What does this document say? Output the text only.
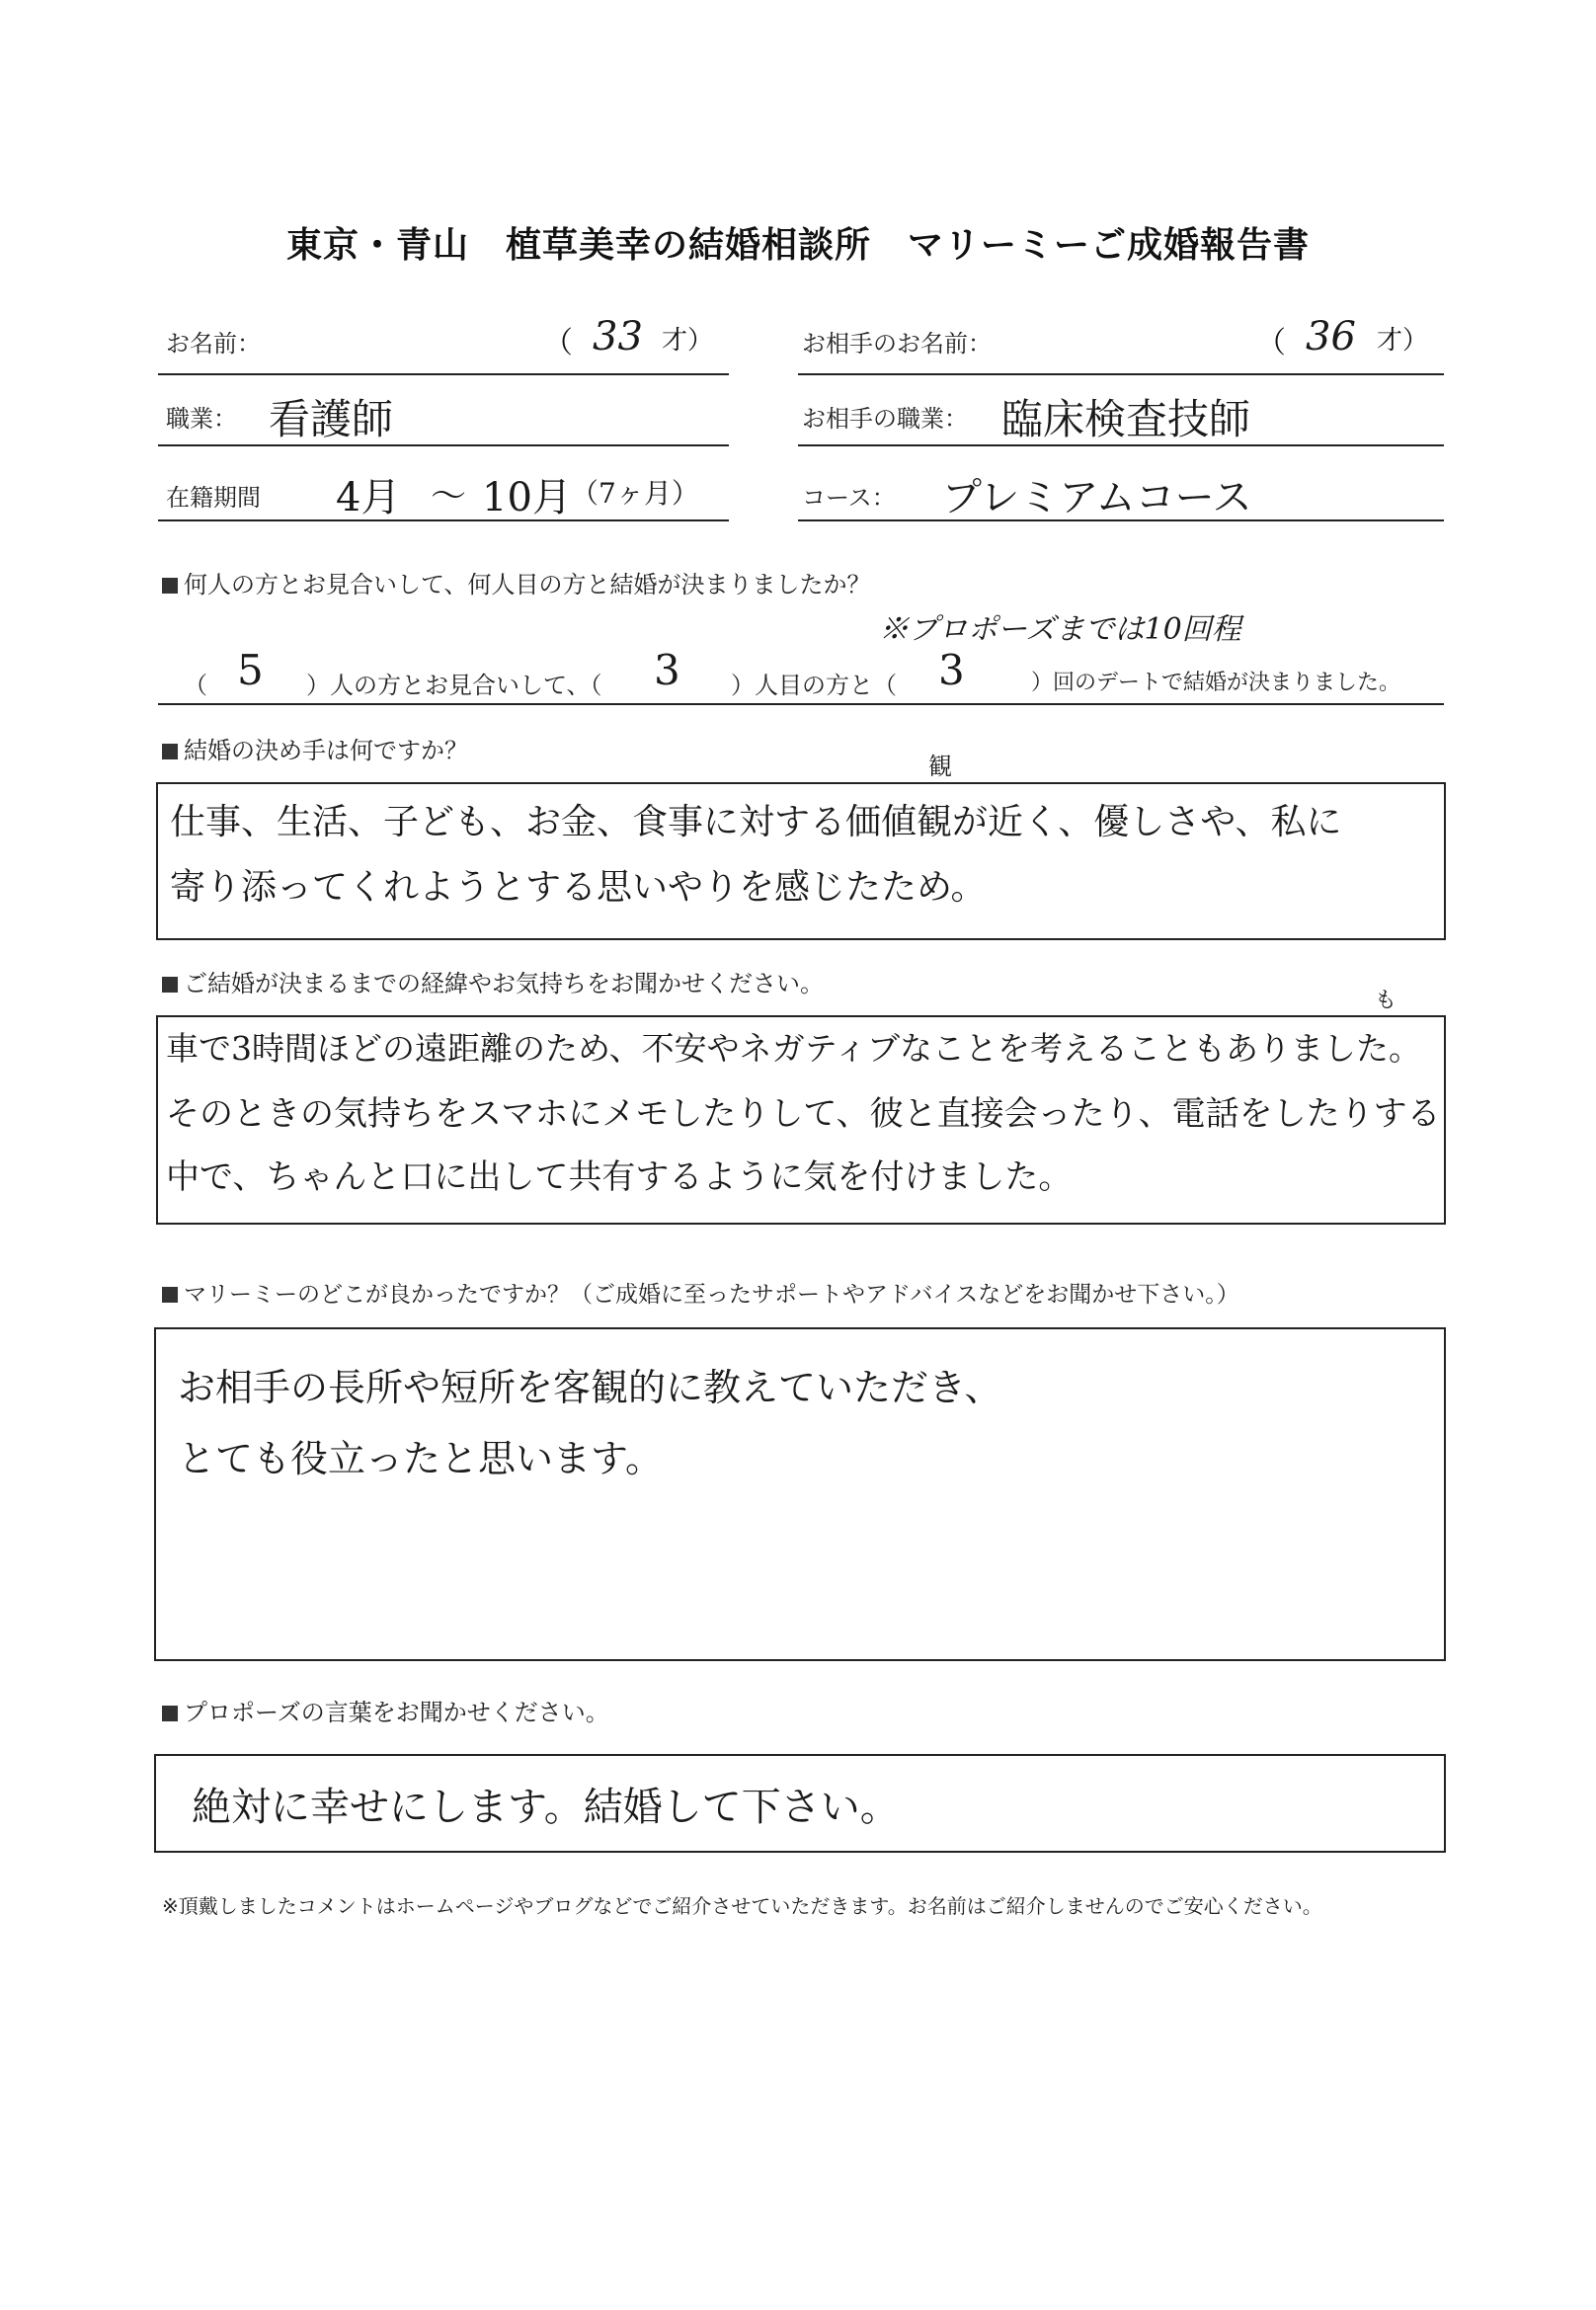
東京・青山　植草美幸の結婚相談所　マリーミーご成婚報告書
お名前：	（ 33 才）	お相手のお名前：	（ 36 才）
職業： 看護師	お相手の職業： 臨床検査技師
在籍期間 4月 ～ 10月 （7ヶ月）	コース： プレミアムコース
何人の方とお見合いして、何人目の方と結婚が決まりましたか？
※プロポーズまでは10回程
（ 5 ）人の方とお見合いして、（ 3 ）人目の方と（ 3	）回のデートで結婚が決まりました。
結婚の決め手は何ですか？
観
仕事、生活、子ども、お金、食事に対する価値観が近く、優しさや、私に
寄り添ってくれようとする思いやりを感じたため。
ご結婚が決まるまでの経緯やお気持ちをお聞かせください。
も
車で3時間ほどの遠距離のため、不安やネガティブなことを考えることもありました。
そのときの気持ちをスマホにメモしたりして、彼と直接会ったり、電話をしたりする
中で、ちゃんと口に出して共有するように気を付けました。
マリーミーのどこが良かったですか？（ご成婚に至ったサポートやアドバイスなどをお聞かせ下さい。）
お相手の長所や短所を客観的に教えていただき、
とても役立ったと思います。
プロポーズの言葉をお聞かせください。
絶対に幸せにします。結婚して下さい。
※頂戴しましたコメントはホームページやブログなどでご紹介させていただきます。お名前はご紹介しませんのでご安心ください。
